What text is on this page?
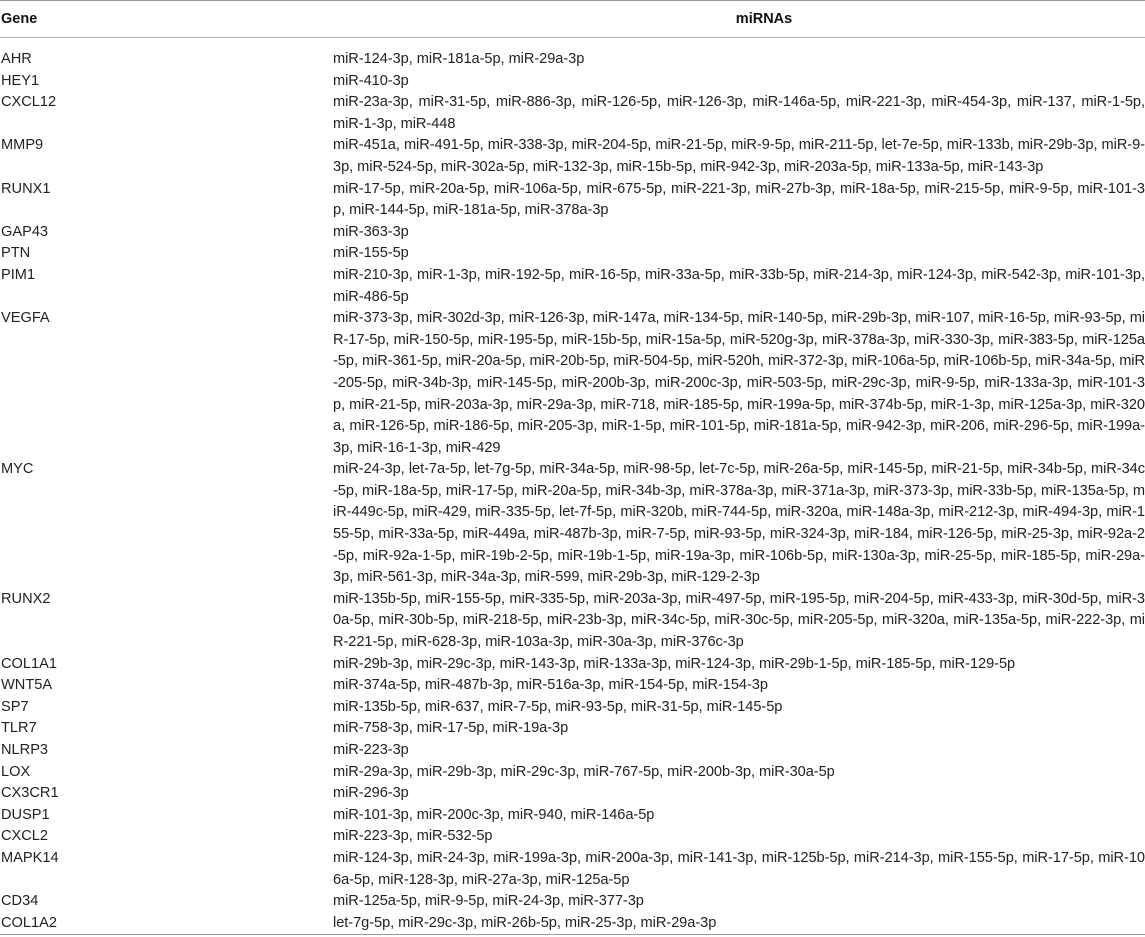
Gene	miRNAs
AHR	miR-124-3p, miR-181a-5p, miR-29a-3p
HEY1	miR-410-3p
CXCL12	miR-23a-3p, miR-31-5p, miR-886-3p, miR-126-5p, miR-126-3p, miR-146a-5p, miR-221-3p, miR-454-3p, miR-137, miR-1-5p, miR-1-3p, miR-448
MMP9	miR-451a, miR-491-5p, miR-338-3p, miR-204-5p, miR-21-5p, miR-9-5p, miR-211-5p, let-7e-5p, miR-133b, miR-29b-3p, miR-9-3p, miR-524-5p, miR-302a-5p, miR-132-3p, miR-15b-5p, miR-942-3p, miR-203a-5p, miR-133a-5p, miR-143-3p
RUNX1	miR-17-5p, miR-20a-5p, miR-106a-5p, miR-675-5p, miR-221-3p, miR-27b-3p, miR-18a-5p, miR-215-5p, miR-9-5p, miR-101-3p, miR-144-5p, miR-181a-5p, miR-378a-3p
GAP43	miR-363-3p
PTN	miR-155-5p
PIM1	miR-210-3p, miR-1-3p, miR-192-5p, miR-16-5p, miR-33a-5p, miR-33b-5p, miR-214-3p, miR-124-3p, miR-542-3p, miR-101-3p, miR-486-5p
VEGFA	miR-373-3p, miR-302d-3p, miR-126-3p, miR-147a, miR-134-5p, miR-140-5p, miR-29b-3p, miR-107, miR-16-5p, miR-93-5p, miR-17-5p, miR-150-5p, miR-195-5p, miR-15b-5p, miR-15a-5p, miR-520g-3p, miR-378a-3p, miR-330-3p, miR-383-5p, miR-125a-5p, miR-361-5p, miR-20a-5p, miR-20b-5p, miR-504-5p, miR-520h, miR-372-3p, miR-106a-5p, miR-106b-5p, miR-34a-5p, miR-205-5p, miR-34b-3p, miR-145-5p, miR-200b-3p, miR-200c-3p, miR-503-5p, miR-29c-3p, miR-9-5p, miR-133a-3p, miR-101-3p, miR-21-5p, miR-203a-3p, miR-29a-3p, miR-718, miR-185-5p, miR-199a-5p, miR-374b-5p, miR-1-3p, miR-125a-3p, miR-320a, miR-126-5p, miR-186-5p, miR-205-3p, miR-1-5p, miR-101-5p, miR-181a-5p, miR-942-3p, miR-206, miR-296-5p, miR-199a-3p, miR-16-1-3p, miR-429
MYC	miR-24-3p, let-7a-5p, let-7g-5p, miR-34a-5p, miR-98-5p, let-7c-5p, miR-26a-5p, miR-145-5p, miR-21-5p, miR-34b-5p, miR-34c-5p, miR-18a-5p, miR-17-5p, miR-20a-5p, miR-34b-3p, miR-378a-3p, miR-371a-3p, miR-373-3p, miR-33b-5p, miR-135a-5p, miR-449c-5p, miR-429, miR-335-5p, let-7f-5p, miR-320b, miR-744-5p, miR-320a, miR-148a-3p, miR-212-3p, miR-494-3p, miR-155-5p, miR-33a-5p, miR-449a, miR-487b-3p, miR-7-5p, miR-93-5p, miR-324-3p, miR-184, miR-126-5p, miR-25-3p, miR-92a-2-5p, miR-92a-1-5p, miR-19b-2-5p, miR-19b-1-5p, miR-19a-3p, miR-106b-5p, miR-130a-3p, miR-25-5p, miR-185-5p, miR-29a-3p, miR-561-3p, miR-34a-3p, miR-599, miR-29b-3p, miR-129-2-3p
RUNX2	miR-135b-5p, miR-155-5p, miR-335-5p, miR-203a-3p, miR-497-5p, miR-195-5p, miR-204-5p, miR-433-3p, miR-30d-5p, miR-30a-5p, miR-30b-5p, miR-218-5p, miR-23b-3p, miR-34c-5p, miR-30c-5p, miR-205-5p, miR-320a, miR-135a-5p, miR-222-3p, miR-221-5p, miR-628-3p, miR-103a-3p, miR-30a-3p, miR-376c-3p
COL1A1	miR-29b-3p, miR-29c-3p, miR-143-3p, miR-133a-3p, miR-124-3p, miR-29b-1-5p, miR-185-5p, miR-129-5p
WNT5A	miR-374a-5p, miR-487b-3p, miR-516a-3p, miR-154-5p, miR-154-3p
SP7	miR-135b-5p, miR-637, miR-7-5p, miR-93-5p, miR-31-5p, miR-145-5p
TLR7	miR-758-3p, miR-17-5p, miR-19a-3p
NLRP3	miR-223-3p
LOX	miR-29a-3p, miR-29b-3p, miR-29c-3p, miR-767-5p, miR-200b-3p, miR-30a-5p
CX3CR1	miR-296-3p
DUSP1	miR-101-3p, miR-200c-3p, miR-940, miR-146a-5p
CXCL2	miR-223-3p, miR-532-5p
MAPK14	miR-124-3p, miR-24-3p, miR-199a-3p, miR-200a-3p, miR-141-3p, miR-125b-5p, miR-214-3p, miR-155-5p, miR-17-5p, miR-106a-5p, miR-128-3p, miR-27a-3p, miR-125a-5p
CD34	miR-125a-5p, miR-9-5p, miR-24-3p, miR-377-3p
COL1A2	let-7g-5p, miR-29c-3p, miR-26b-5p, miR-25-3p, miR-29a-3p
